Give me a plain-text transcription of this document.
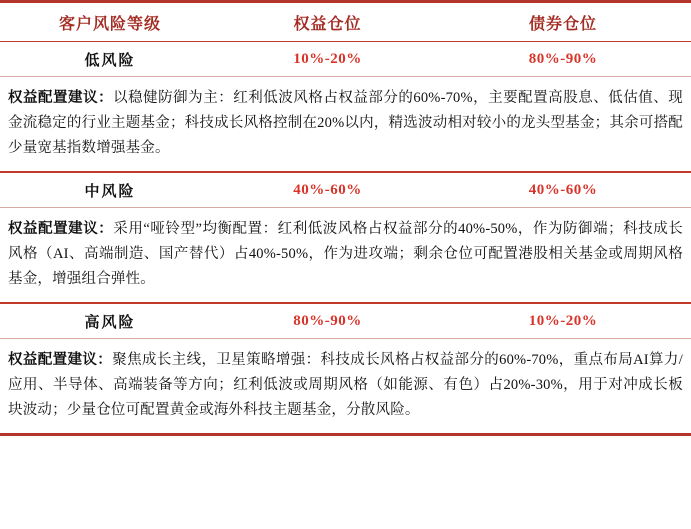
客户风险等级	权益仓位	债券仓位
低风险	10%-20%	80%-90%
权益配置建议：以稳健防御为主：红利低波风格占权益部分的60%-70%，主要配置高股息、低估值、现金流稳定的行业主题基金；科技成长风格控制在20%以内，精选波动相对较小的龙头型基金；其余可搭配少量宽基指数增强基金。
中风险	40%-60%	40%-60%
权益配置建议：采用“哑铃型”均衡配置：红利低波风格占权益部分的40%-50%，作为防御端；科技成长风格（AI、高端制造、国产替代）占40%-50%，作为进攻端；剩余仓位可配置港股相关基金或周期风格基金，增强组合弹性。
高风险	80%-90%	10%-20%
权益配置建议：聚焦成长主线，卫星策略增强：科技成长风格占权益部分的60%-70%，重点布局AI算力/应用、半导体、高端装备等方向；红利低波或周期风格（如能源、有色）占20%-30%，用于对冲成长板块波动；少量仓位可配置黄金或海外科技主题基金，分散风险。
